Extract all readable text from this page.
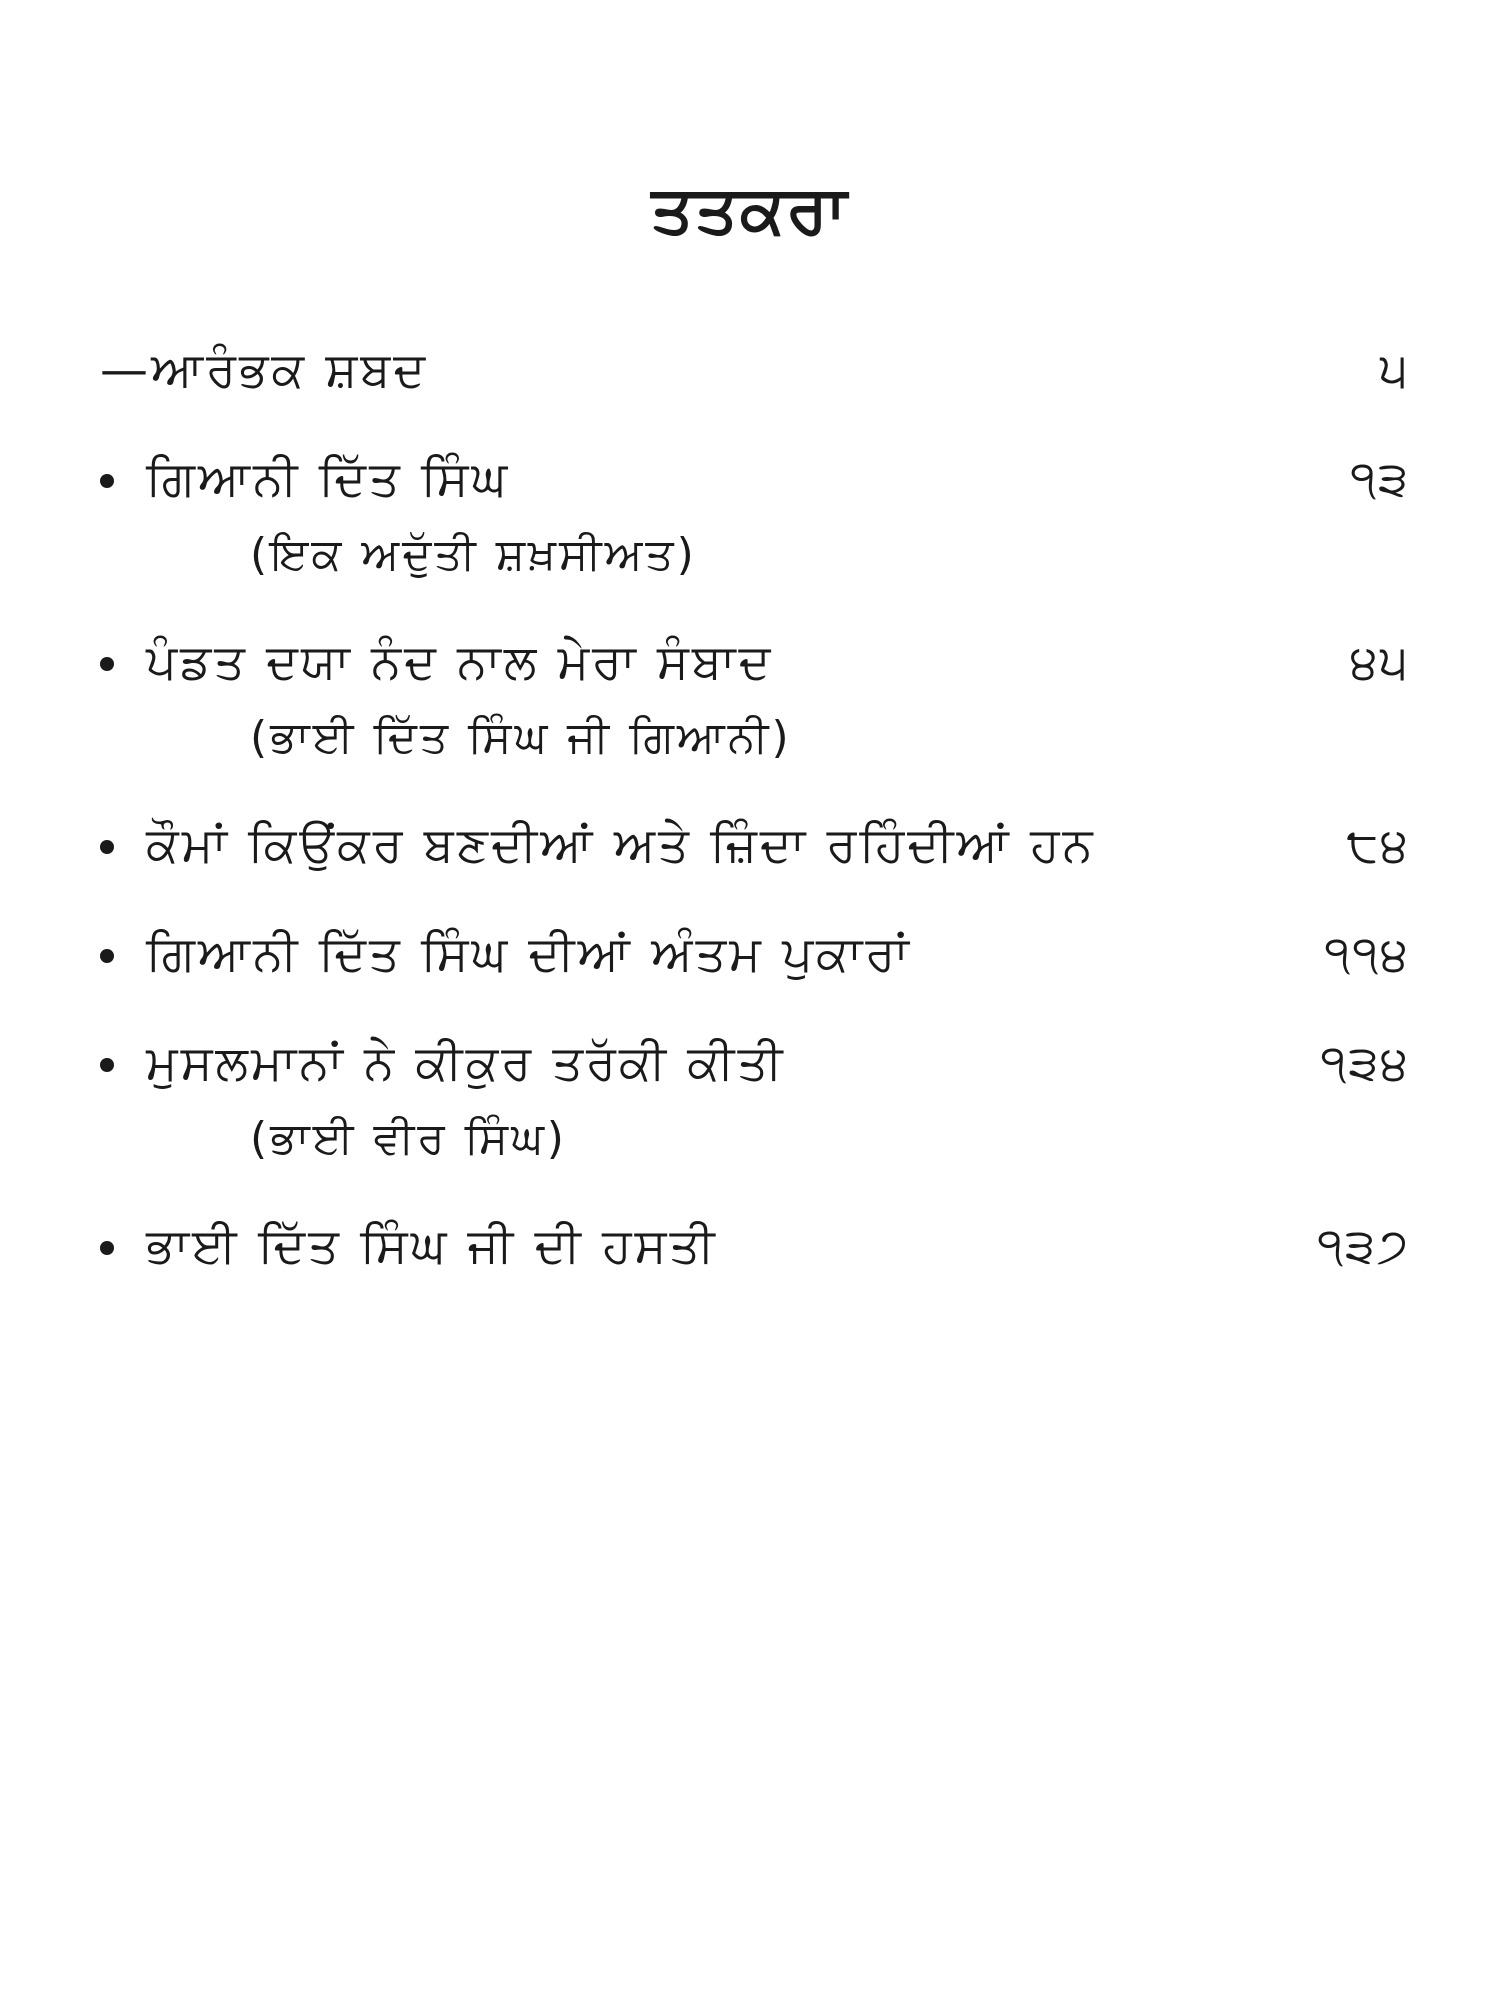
ਤਤਕਰਾ
—ਆਰੰਭਕ ਸ਼ਬਦ	੫
ਗਿਆਨੀ ਦਿੱਤ ਸਿੰਘ	੧੩
(ਇਕ ਅਦੁੱਤੀ ਸ਼ਖ਼ਸੀਅਤ)
ਪੰਡਤ ਦਯਾ ਨੰਦ ਨਾਲ ਮੇਰਾ ਸੰਬਾਦ	੪੫
(ਭਾਈ ਦਿੱਤ ਸਿੰਘ ਜੀ ਗਿਆਨੀ)
ਕੌਮਾਂ ਕਿਉਂਕਰ ਬਣਦੀਆਂ ਅਤੇ ਜ਼ਿੰਦਾ ਰਹਿੰਦੀਆਂ ਹਨ	੮੪
ਗਿਆਨੀ ਦਿੱਤ ਸਿੰਘ ਦੀਆਂ ਅੰਤਮ ਪੁਕਾਰਾਂ	੧੧੪
ਮੁਸਲਮਾਨਾਂ ਨੇ ਕੀਕੁਰ ਤਰੱਕੀ ਕੀਤੀ	੧੩੪
(ਭਾਈ ਵੀਰ ਸਿੰਘ)
ਭਾਈ ਦਿੱਤ ਸਿੰਘ ਜੀ ਦੀ ਹਸਤੀ	੧੩੭
